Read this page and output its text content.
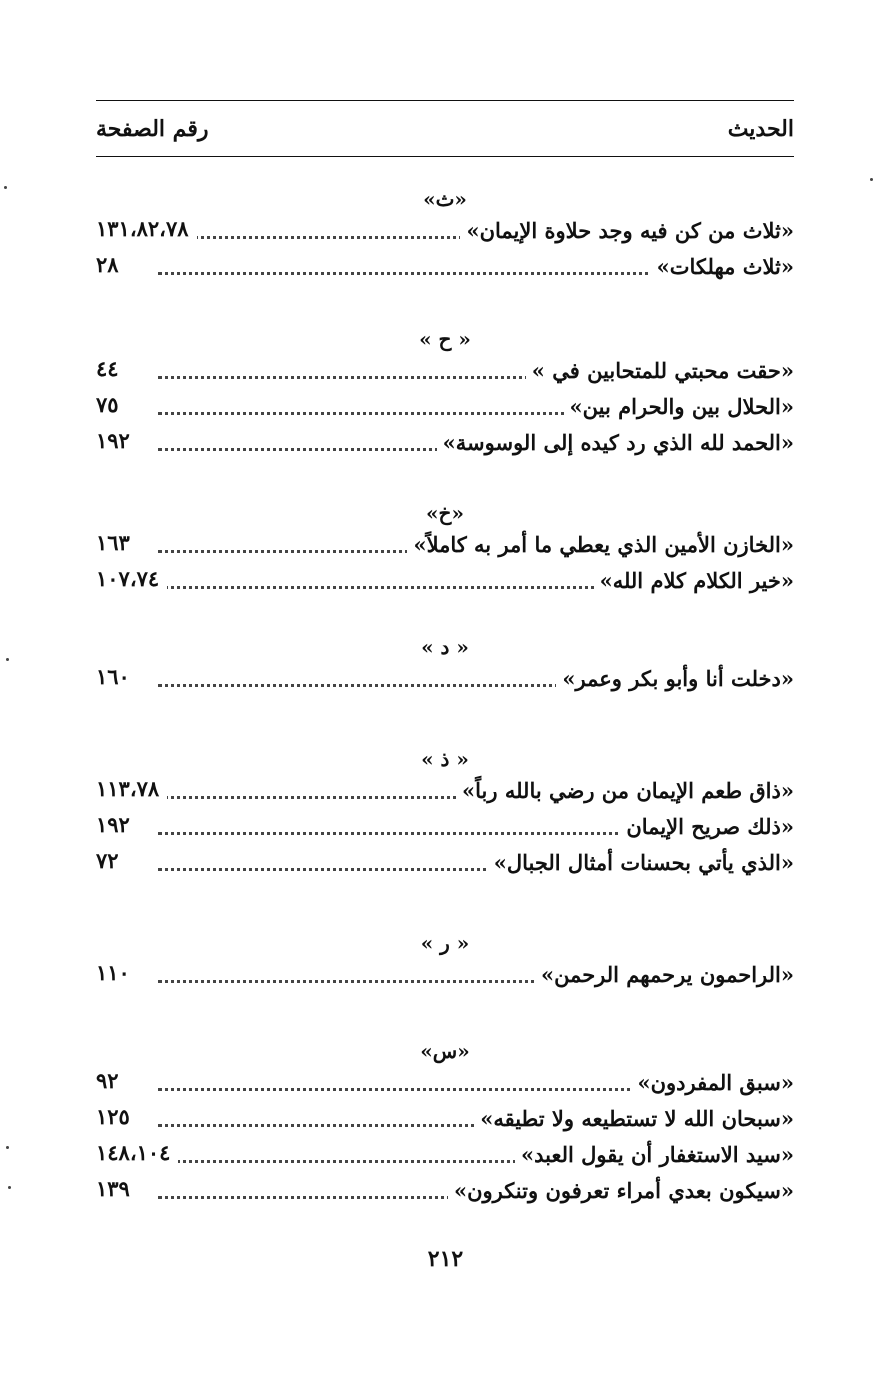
الحديث
رقم الصفحة
«ث»
«ثلاث من كن فيه وجد حلاوة الإيمان»
١٣١،٨٢،٧٨
«ثلاث مهلكات»
٢٨
« ح »
«حقت محبتي للمتحابين في »
٤٤
«الحلال بين والحرام بين»
٧٥
«الحمد لله الذي رد كيده إلى الوسوسة»
١٩٢
«خ»
«الخازن الأمين الذي يعطي ما أمر به كاملاً»
١٦٣
«خير الكلام كلام الله»
١٠٧،٧٤
« د »
«دخلت أنا وأبو بكر وعمر»
١٦٠
« ذ »
«ذاق طعم الإيمان من رضي بالله رباً»
١١٣،٧٨
«ذلك صريح الإيمان
١٩٢
«الذي يأتي بحسنات أمثال الجبال»
٧٢
« ر »
«الراحمون يرحمهم الرحمن»
١١٠
«س»
«سبق المفردون»
٩٢
«سبحان الله لا تستطيعه ولا تطيقه»
١٢٥
«سيد الاستغفار أن يقول العبد»
١٤٨،١٠٤
«سيكون بعدي أمراء تعرفون وتنكرون»
١٣٩
٢١٢
